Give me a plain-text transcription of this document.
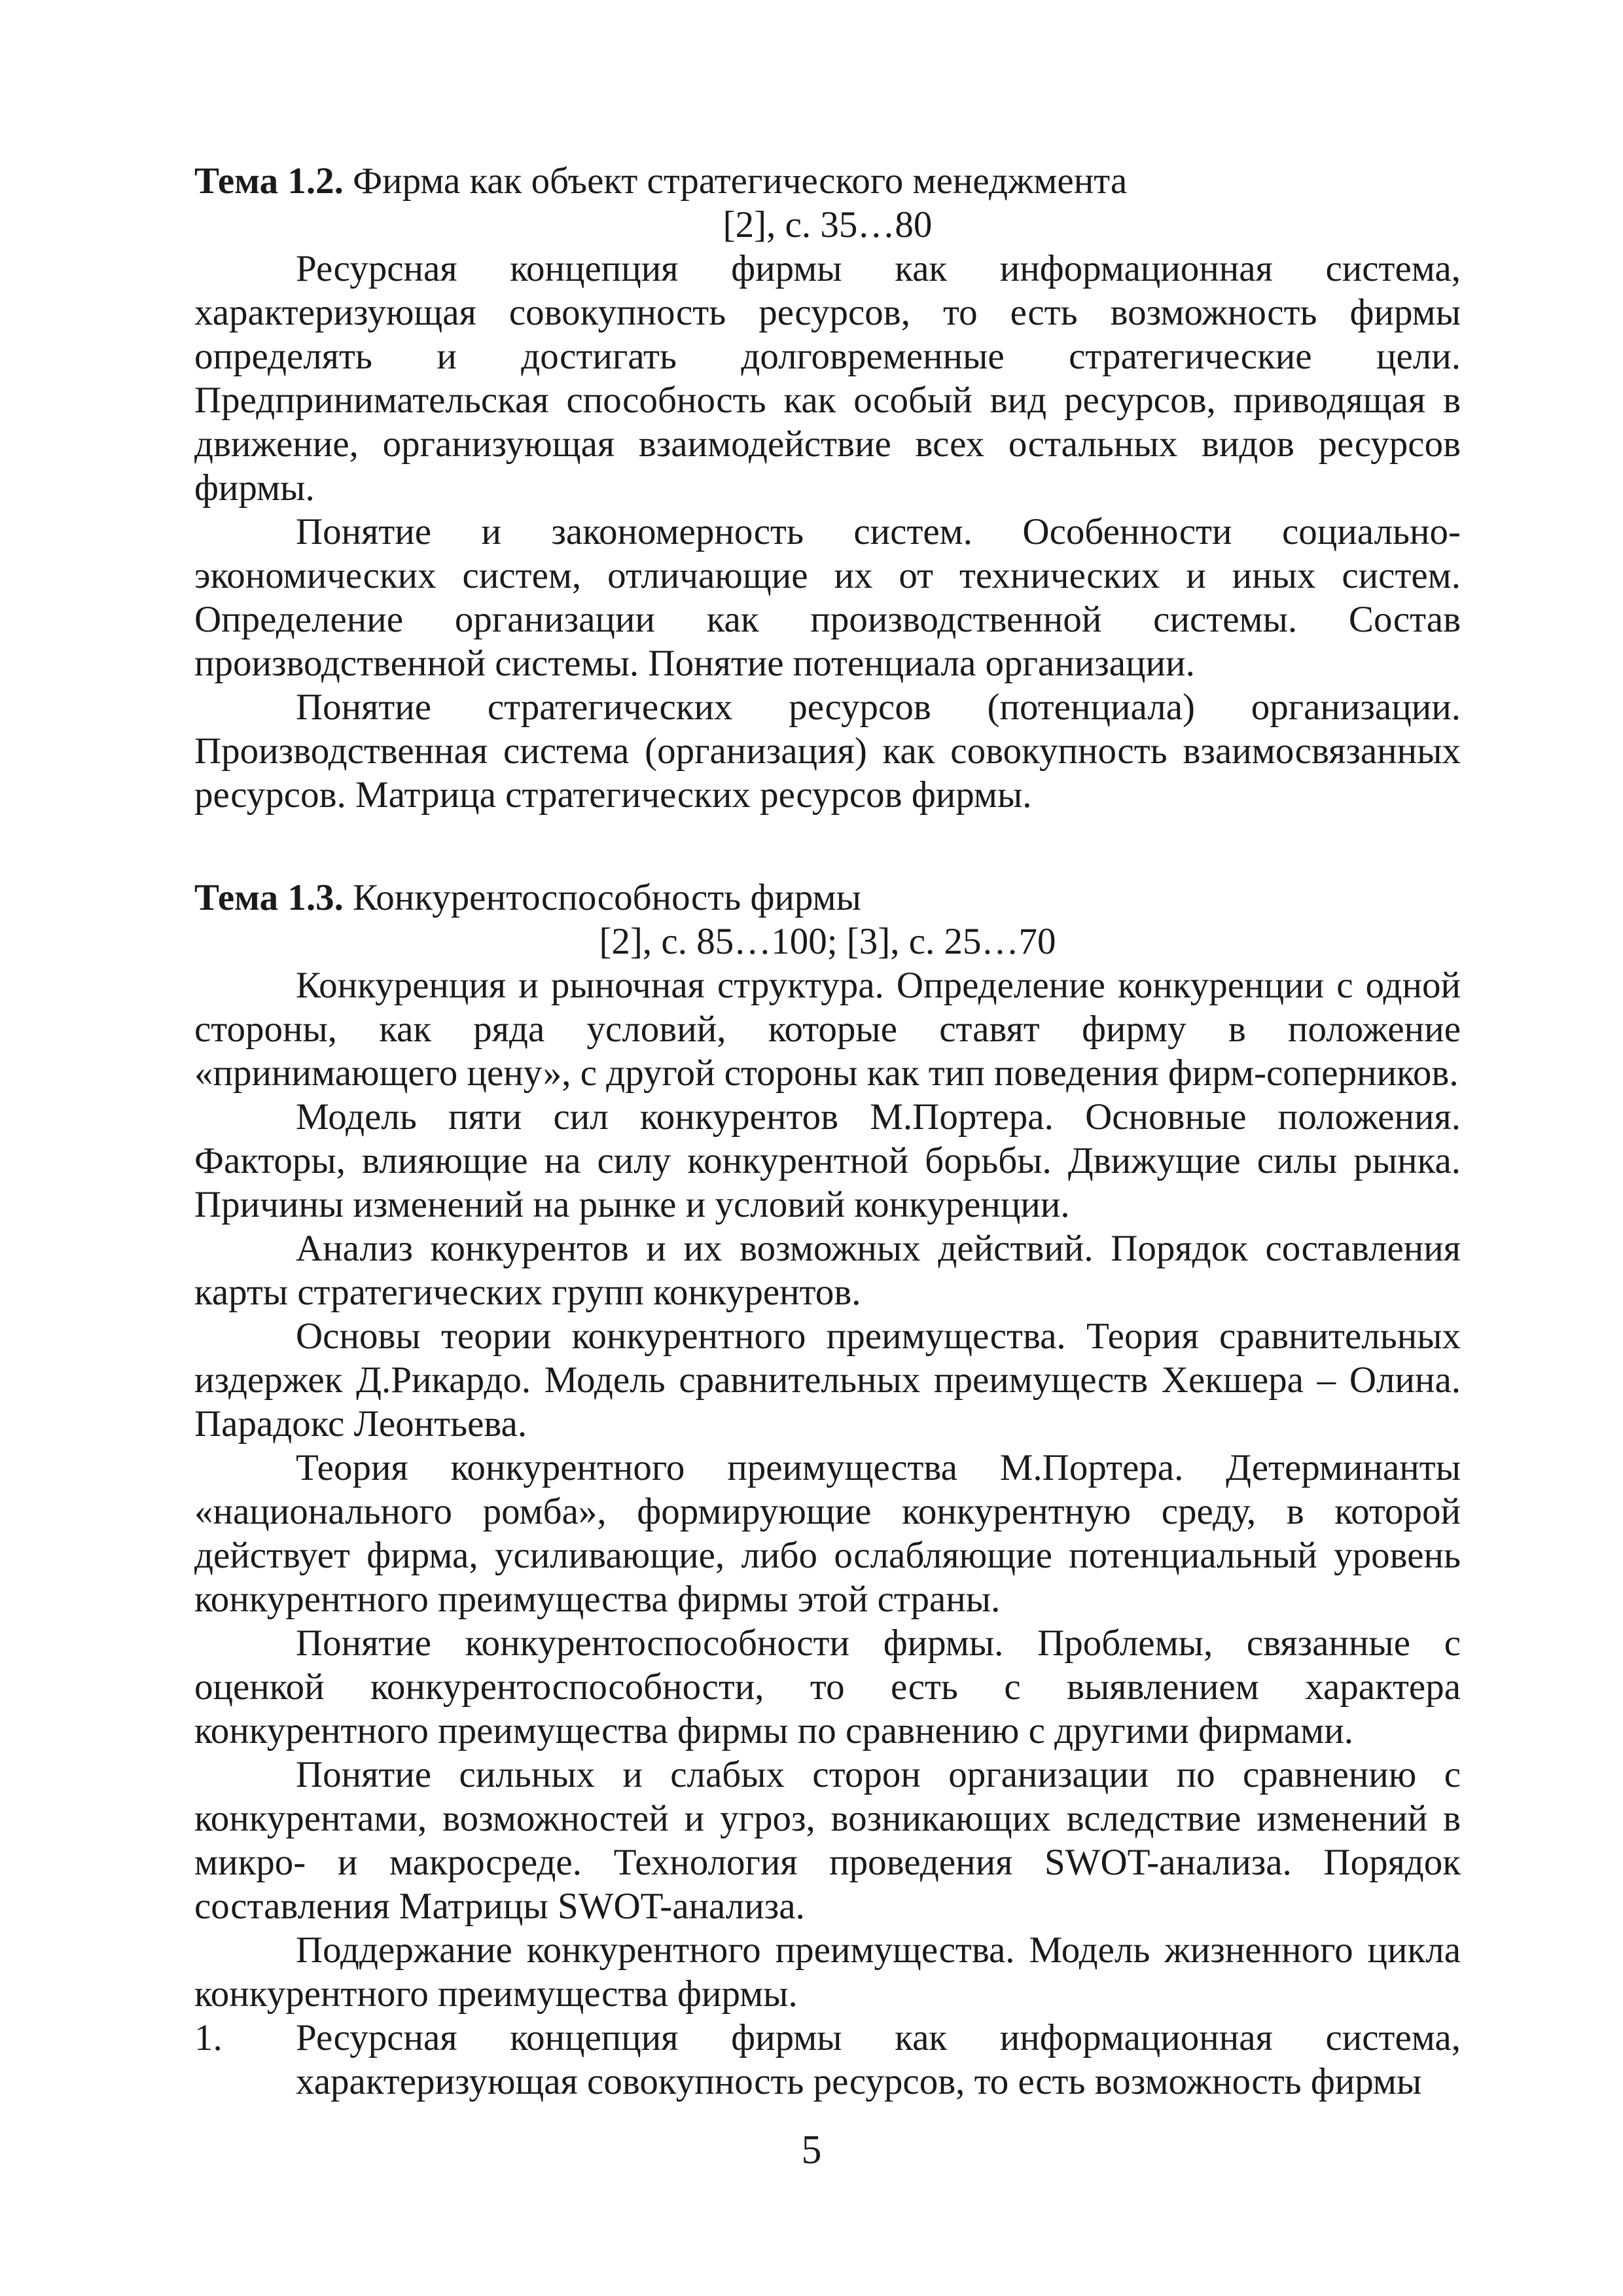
Тема 1.2. Фирма как объект стратегического менеджмента

[2], с. 35…80

Ресурсная концепция фирмы как информационная система, характеризующая совокупность ресурсов, то есть возможность фирмы определять и достигать долговременные стратегические цели. Предпринимательская способность как особый вид ресурсов, приводящая в движение, организующая взаимодействие всех остальных видов ресурсов фирмы.

Понятие и закономерность систем. Особенности социально-экономических систем, отличающие их от технических и иных систем. Определение организации как производственной системы. Состав производственной системы. Понятие потенциала организации.

Понятие стратегических ресурсов (потенциала) организации. Производственная система (организация) как совокупность взаимосвязанных ресурсов. Матрица стратегических ресурсов фирмы.

Тема 1.3. Конкурентоспособность фирмы

[2], с. 85…100; [3], с. 25…70

Конкуренция и рыночная структура. Определение конкуренции с одной стороны, как ряда условий, которые ставят фирму в положение «принимающего цену», с другой стороны как тип поведения фирм-соперников.

Модель пяти сил конкурентов М.Портера. Основные положения. Факторы, влияющие на силу конкурентной борьбы. Движущие силы рынка. Причины изменений на рынке и условий конкуренции.

Анализ конкурентов и их возможных действий. Порядок составления карты стратегических групп конкурентов.

Основы теории конкурентного преимущества. Теория сравнительных издержек Д.Рикардо. Модель сравнительных преимуществ Хекшера – Олина. Парадокс Леонтьева.

Теория конкурентного преимущества М.Портера. Детерминанты «национального ромба», формирующие конкурентную среду, в которой действует фирма, усиливающие, либо ослабляющие потенциальный уровень конкурентного преимущества фирмы этой страны.

Понятие конкурентоспособности фирмы. Проблемы, связанные с оценкой конкурентоспособности, то есть с выявлением характера конкурентного преимущества фирмы по сравнению с другими фирмами.

Понятие сильных и слабых сторон организации по сравнению с конкурентами, возможностей и угроз, возникающих вследствие изменений в микро- и макросреде. Технология проведения SWOT-анализа. Порядок составления Матрицы SWOT-анализа.

Поддержание конкурентного преимущества. Модель жизненного цикла конкурентного преимущества фирмы.

1.	Ресурсная концепция фирмы как информационная система, характеризующая совокупность ресурсов, то есть возможность фирмы
5
